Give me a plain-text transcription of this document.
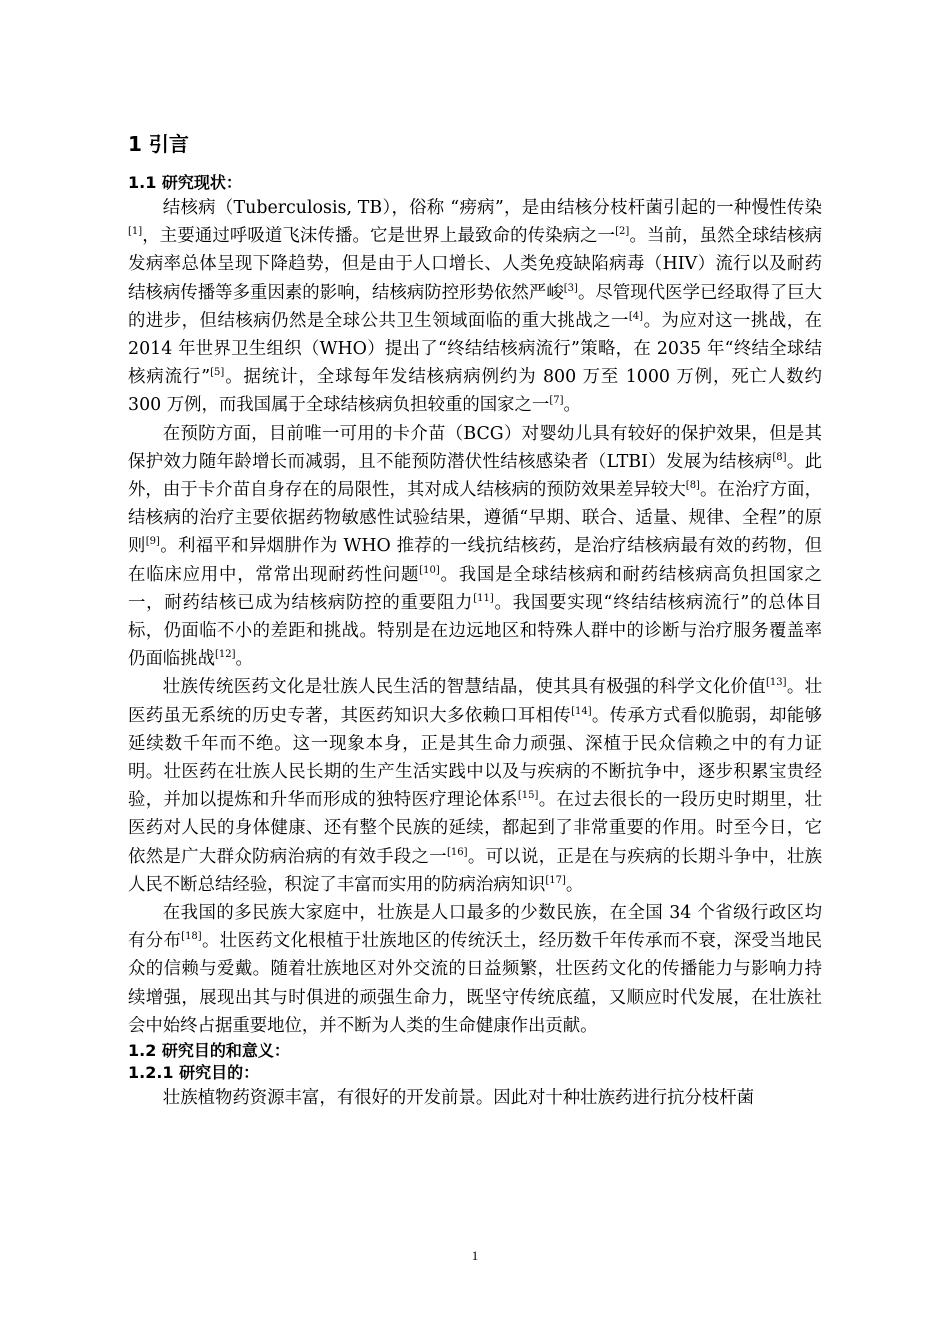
1 引言
1.1 研究现状：

结核病（Tuberculosis, TB），俗称 “痨病”，是由结核分枝杆菌引起的一种慢性传染[1]，主要通过呼吸道飞沫传播。它是世界上最致命的传染病之一[2]。当前，虽然全球结核病发病率总体呈现下降趋势，但是由于人口增长、人类免疫缺陷病毒（HIV）流行以及耐药结核病传播等多重因素的影响，结核病防控形势依然严峻[3]。尽管现代医学已经取得了巨大的进步，但结核病仍然是全球公共卫生领域面临的重大挑战之一[4]。为应对这一挑战，在 2014 年世界卫生组织（WHO）提出了“终结结核病流行”策略，在 2035 年“终结全球结核病流行”[5]。据统计，全球每年发结核病病例约为 800 万至 1000 万例，死亡人数约 300 万例，而我国属于全球结核病负担较重的国家之一[7]。

在预防方面，目前唯一可用的卡介苗（BCG）对婴幼儿具有较好的保护效果，但是其保护效力随年龄增长而减弱，且不能预防潜伏性结核感染者（LTBI）发展为结核病[8]。此外，由于卡介苗自身存在的局限性，其对成人结核病的预防效果差异较大[8]。在治疗方面，结核病的治疗主要依据药物敏感性试验结果，遵循“早期、联合、适量、规律、全程”的原则[9]。利福平和异烟肼作为 WHO 推荐的一线抗结核药，是治疗结核病最有效的药物，但在临床应用中，常常出现耐药性问题[10]。我国是全球结核病和耐药结核病高负担国家之一，耐药结核已成为结核病防控的重要阻力[11]。我国要实现“终结结核病流行”的总体目标，仍面临不小的差距和挑战。特别是在边远地区和特殊人群中的诊断与治疗服务覆盖率仍面临挑战[12]。

壮族传统医药文化是壮族人民生活的智慧结晶，使其具有极强的科学文化价值[13]。壮医药虽无系统的历史专著，其医药知识大多依赖口耳相传[14]。传承方式看似脆弱，却能够延续数千年而不绝。这一现象本身，正是其生命力顽强、深植于民众信赖之中的有力证明。壮医药在壮族人民长期的生产生活实践中以及与疾病的不断抗争中，逐步积累宝贵经验，并加以提炼和升华而形成的独特医疗理论体系[15]。在过去很长的一段历史时期里，壮医药对人民的身体健康、还有整个民族的延续，都起到了非常重要的作用。时至今日，它依然是广大群众防病治病的有效手段之一[16]。可以说，正是在与疾病的长期斗争中，壮族人民不断总结经验，积淀了丰富而实用的防病治病知识[17]。

在我国的多民族大家庭中，壮族是人口最多的少数民族，在全国 34 个省级行政区均有分布[18]。壮医药文化根植于壮族地区的传统沃土，经历数千年传承而不衰，深受当地民众的信赖与爱戴。随着壮族地区对外交流的日益频繁，壮医药文化的传播能力与影响力持续增强，展现出其与时俱进的顽强生命力，既坚守传统底蕴，又顺应时代发展，在壮族社会中始终占据重要地位，并不断为人类的生命健康作出贡献。

1.2 研究目的和意义：
1.2.1 研究目的：

壮族植物药资源丰富，有很好的开发前景。因此对十种壮族药进行抗分枝杆菌

1
